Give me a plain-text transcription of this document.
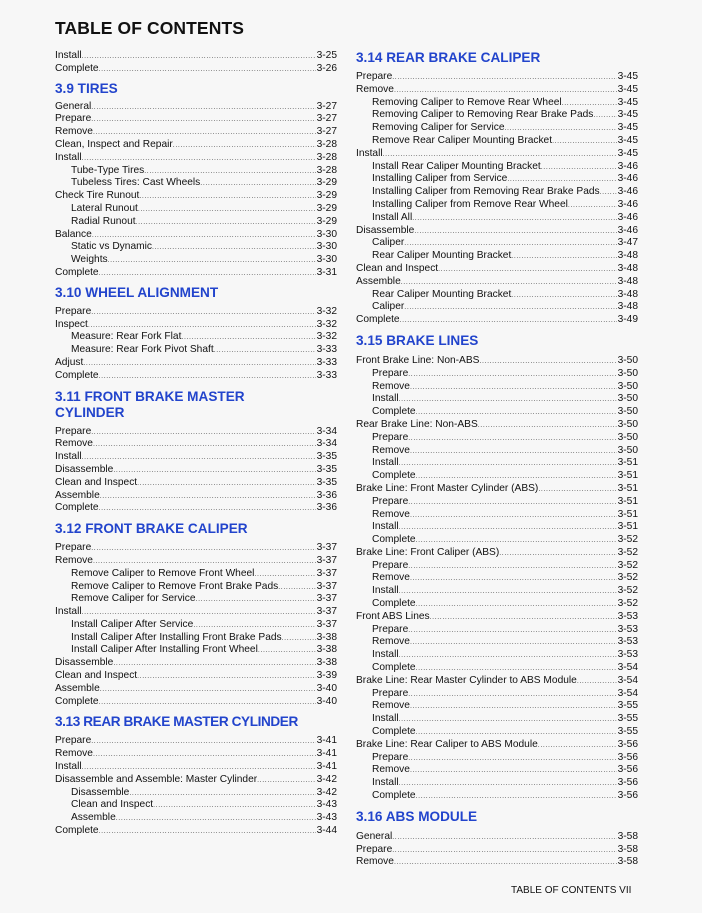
TABLE OF CONTENTS
Install .....	3-25
Complete .....	3-26
3.9 TIRES
General .....	3-27
Prepare .....	3-27
Remove .....	3-27
Clean, Inspect and Repair .....	3-28
Install .....	3-28
Tube-Type Tires .....	3-28
Tubeless Tires: Cast Wheels .....	3-29
Check Tire Runout .....	3-29
Lateral Runout .....	3-29
Radial Runout .....	3-29
Balance .....	3-30
Static vs Dynamic .....	3-30
Weights .....	3-30
Complete .....	3-31
3.10 WHEEL ALIGNMENT
Prepare .....	3-32
Inspect .....	3-32
Measure: Rear Fork Flat .....	3-32
Measure: Rear Fork Pivot Shaft .....	3-33
Adjust .....	3-33
Complete .....	3-33
3.11 FRONT BRAKE MASTER CYLINDER
Prepare .....	3-34
Remove .....	3-34
Install .....	3-35
Disassemble .....	3-35
Clean and Inspect .....	3-35
Assemble .....	3-36
Complete .....	3-36
3.12 FRONT BRAKE CALIPER
Prepare .....	3-37
Remove .....	3-37
Remove Caliper to Remove Front Wheel .....	3-37
Remove Caliper to Remove Front Brake Pads .....	3-37
Remove Caliper for Service .....	3-37
Install .....	3-37
Install Caliper After Service .....	3-37
Install Caliper After Installing Front Brake Pads .....	3-38
Install Caliper After Installing Front Wheel .....	3-38
Disassemble .....	3-38
Clean and Inspect .....	3-39
Assemble .....	3-40
Complete .....	3-40
3.13 REAR BRAKE MASTER CYLINDER
Prepare .....	3-41
Remove .....	3-41
Install .....	3-41
Disassemble and Assemble: Master Cylinder .....	3-42
Disassemble .....	3-42
Clean and Inspect .....	3-43
Assemble .....	3-43
Complete .....	3-44
3.14 REAR BRAKE CALIPER
Prepare .....	3-45
Remove .....	3-45
Removing Caliper to Remove Rear Wheel .....	3-45
Removing Caliper to Removing Rear Brake Pads ..... 3-45
Removing Caliper for Service .....	3-45
Remove Rear Caliper Mounting Bracket .....	3-45
Install .....	3-45
Install Rear Caliper Mounting Bracket .....	3-46
Installing Caliper from Service .....	3-46
Installing Caliper from Removing Rear Brake Pads ..... 3-46
Installing Caliper from Remove Rear Wheel .....	3-46
Install All .....	3-46
Disassemble .....	3-46
Caliper .....	3-47
Rear Caliper Mounting Bracket .....	3-48
Clean and Inspect .....	3-48
Assemble .....	3-48
Rear Caliper Mounting Bracket .....	3-48
Caliper .....	3-48
Complete .....	3-49
3.15 BRAKE LINES
Front Brake Line: Non-ABS .....	3-50
Prepare .....	3-50
Remove .....	3-50
Install .....	3-50
Complete .....	3-50
Rear Brake Line: Non-ABS .....	3-50
Prepare .....	3-50
Remove .....	3-50
Install .....	3-51
Complete .....	3-51
Brake Line: Front Master Cylinder (ABS) .....	3-51
Prepare .....	3-51
Remove .....	3-51
Install .....	3-51
Complete .....	3-52
Brake Line: Front Caliper (ABS) .....	3-52
Prepare .....	3-52
Remove .....	3-52
Install .....	3-52
Complete .....	3-52
Front ABS Lines .....	3-53
Prepare .....	3-53
Remove .....	3-53
Install .....	3-53
Complete .....	3-54
Brake Line: Rear Master Cylinder to ABS Module .....	3-54
Prepare .....	3-54
Remove .....	3-55
Install .....	3-55
Complete .....	3-55
Brake Line: Rear Caliper to ABS Module .....	3-56
Prepare .....	3-56
Remove .....	3-56
Install .....	3-56
Complete .....	3-56
3.16 ABS MODULE
General .....	3-58
Prepare .....	3-58
Remove .....	3-58
TABLE OF CONTENTS VII
